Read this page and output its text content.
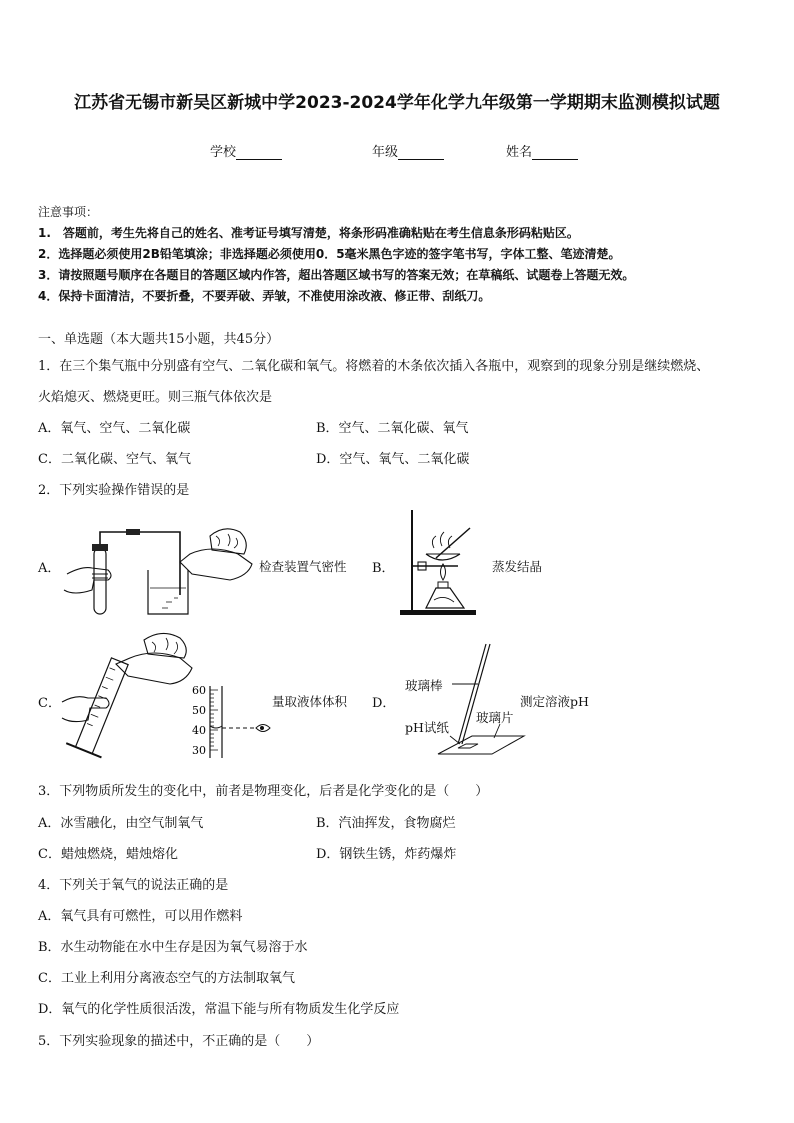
江苏省无锡市新吴区新城中学2023-2024学年化学九年级第一学期期末监测模拟试题
学校	年级	姓名
注意事项：
1.　答题前，考生先将自己的姓名、准考证号填写清楚，将条形码准确粘贴在考生信息条形码粘贴区。
2．选择题必须使用2B铅笔填涂；非选择题必须使用0．5毫米黑色字迹的签字笔书写，字体工整、笔迹清楚。
3．请按照题号顺序在各题目的答题区域内作答，超出答题区域书写的答案无效；在草稿纸、试题卷上答题无效。
4．保持卡面清洁，不要折叠，不要弄破、弄皱，不准使用涂改液、修正带、刮纸刀。
一、单选题（本大题共15小题，共45分）
1．在三个集气瓶中分别盛有空气、二氧化碳和氧气。将燃着的木条依次插入各瓶中，观察到的现象分别是继续燃烧、
火焰熄灭、燃烧更旺。则三瓶气体依次是
A．氧气、空气、二氧化碳	B．空气、二氧化碳、氧气
C．二氧化碳、空气、氧气	D．空气、氧气、二氧化碳
2．下列实验操作错误的是
A．	检查装置气密性 B．	蒸发结晶
C．
60
50
40
30
量取液体体积 D．
玻璃棒
测定溶液pH
玻璃片
pH试纸
3．下列物质所发生的变化中，前者是物理变化，后者是化学变化的是（　　）
A．冰雪融化，由空气制氧气	B．汽油挥发，食物腐烂
C．蜡烛燃烧，蜡烛熔化	D．钢铁生锈，炸药爆炸
4．下列关于氧气的说法正确的是
A．氧气具有可燃性，可以用作燃料
B．水生动物能在水中生存是因为氧气易溶于水
C．工业上利用分离液态空气的方法制取氧气
D．氧气的化学性质很活泼，常温下能与所有物质发生化学反应
5．下列实验现象的描述中，不正确的是（　　）
